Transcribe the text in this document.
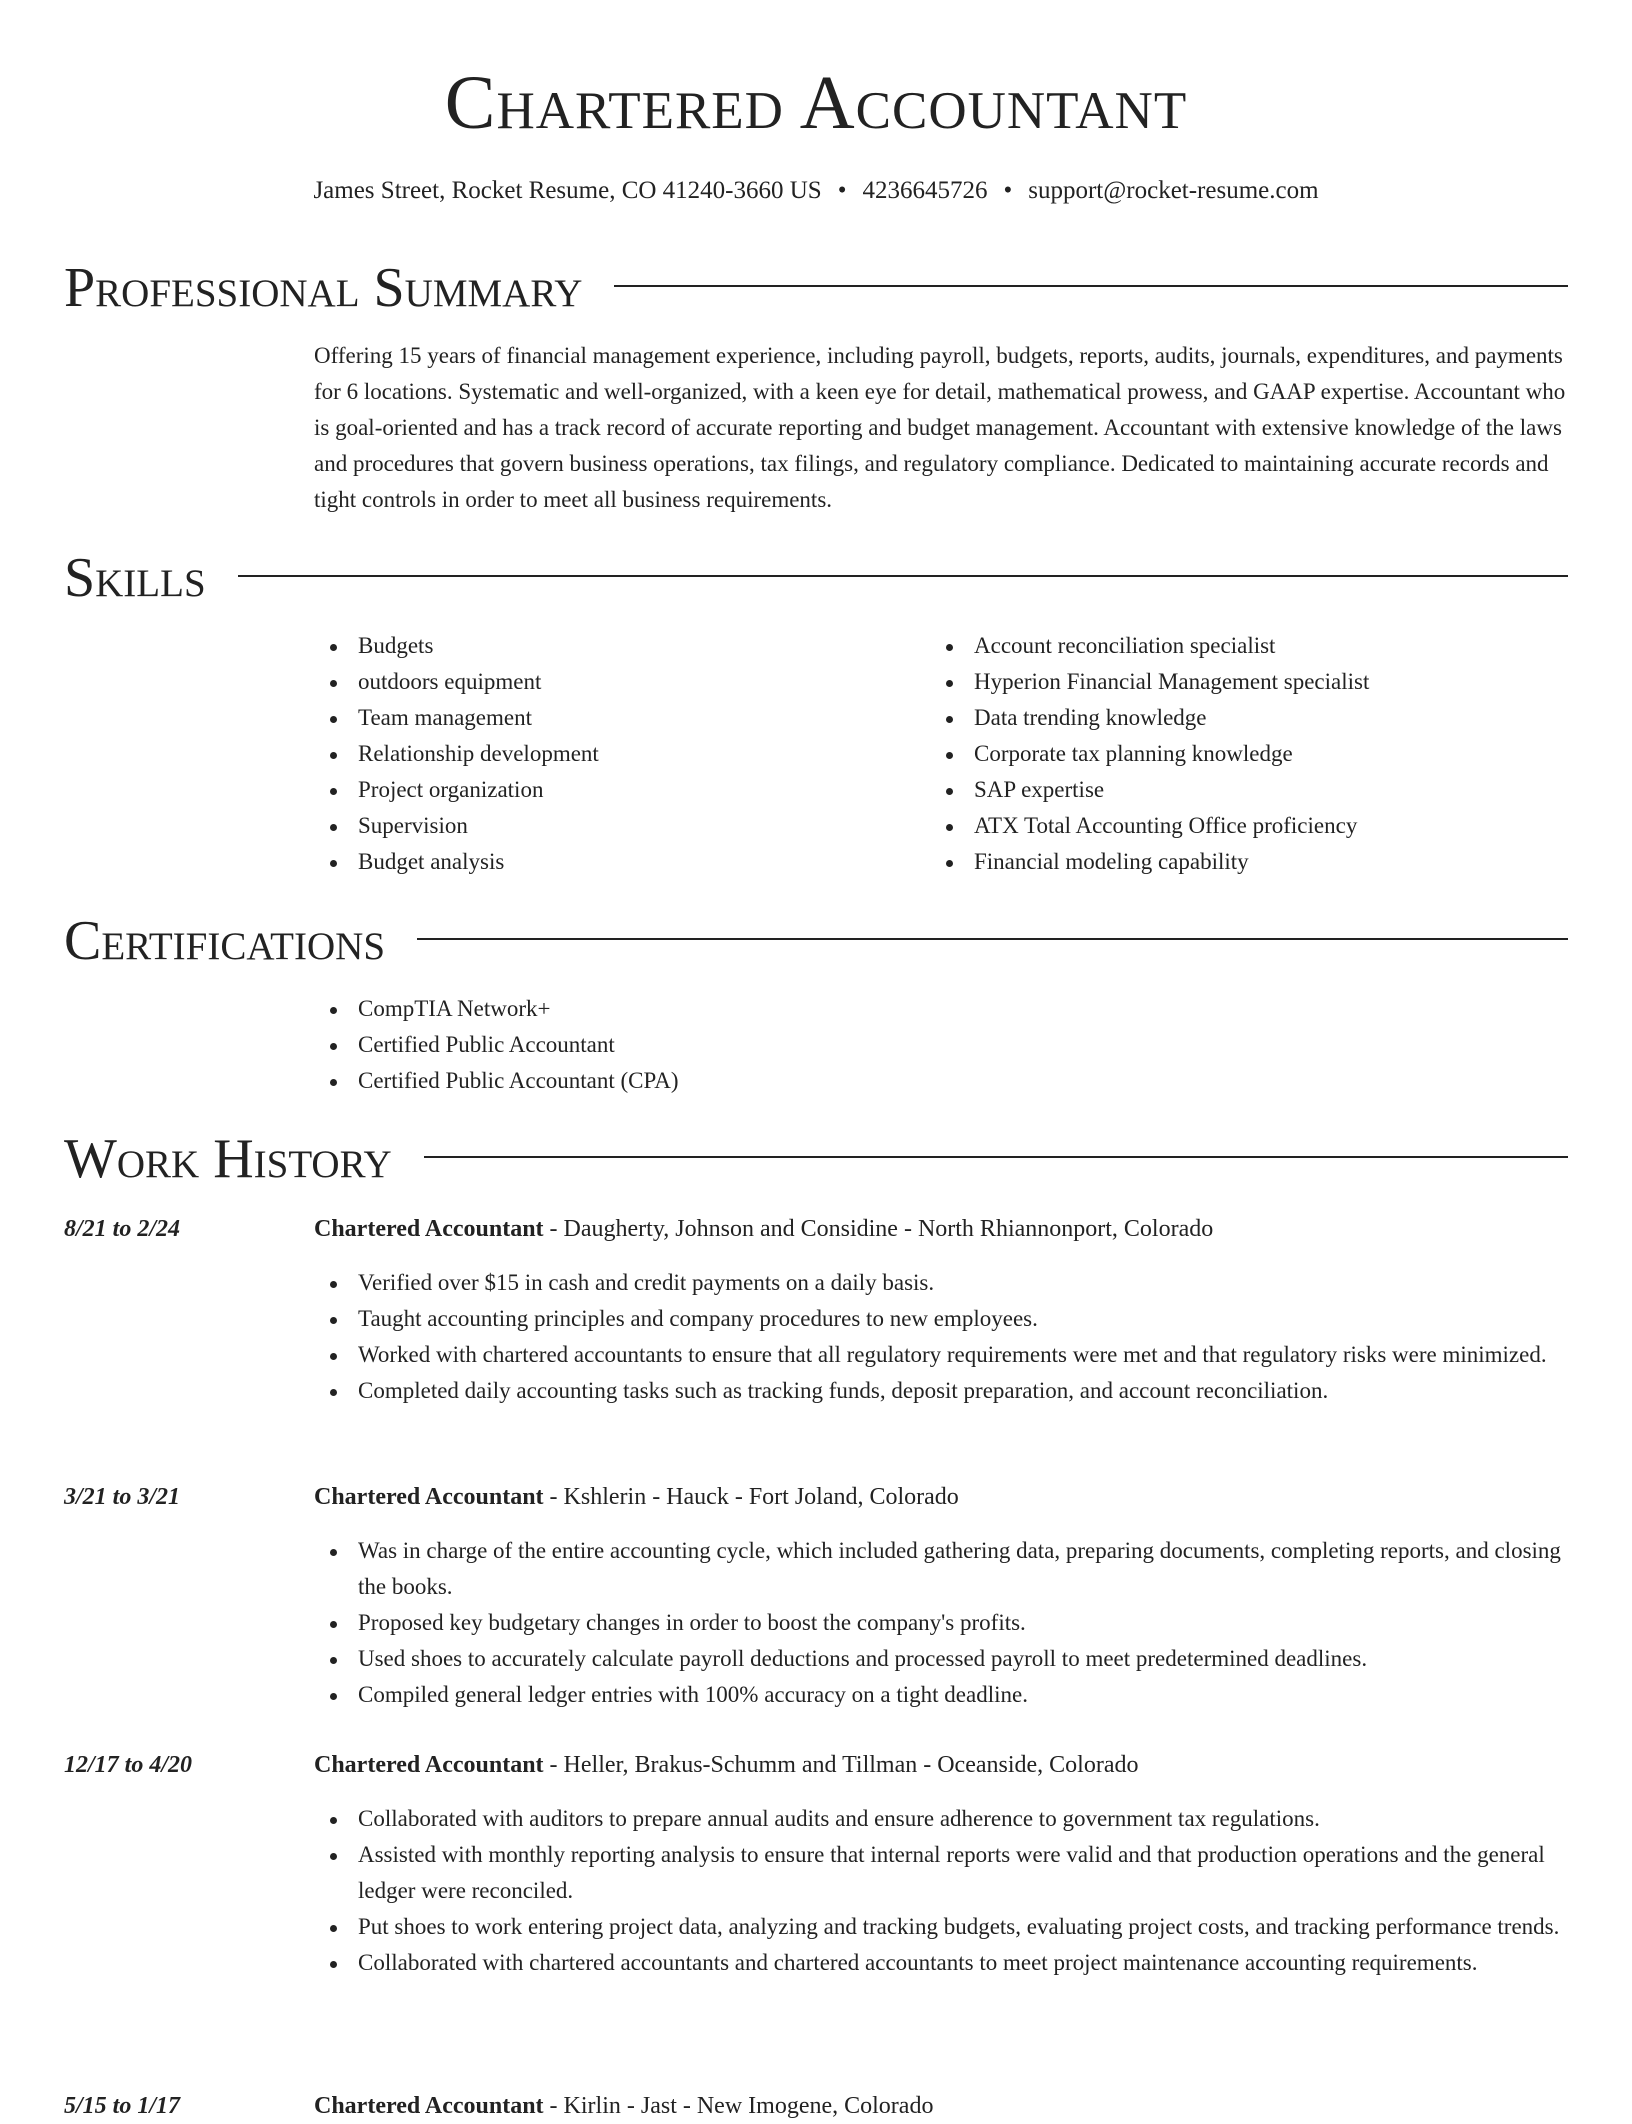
Chartered Accountant
James Street, Rocket Resume, CO 41240-3660 US • 4236645726 • support@rocket-resume.com
Professional Summary

Offering 15 years of financial management experience, including payroll, budgets, reports, audits, journals, expenditures, and payments for 6 locations. Systematic and well-organized, with a keen eye for detail, mathematical prowess, and GAAP expertise. Accountant who is goal-oriented and has a track record of accurate reporting and budget management. Accountant with extensive knowledge of the laws and procedures that govern business operations, tax filings, and regulatory compliance. Dedicated to maintaining accurate records and tight controls in order to meet all business requirements.

Skills
Budgets
outdoors equipment
Team management
Relationship development
Project organization
Supervision
Budget analysis
Account reconciliation specialist
Hyperion Financial Management specialist
Data trending knowledge
Corporate tax planning knowledge
SAP expertise
ATX Total Accounting Office proficiency
Financial modeling capability
Certifications
CompTIA Network+
Certified Public Accountant
Certified Public Accountant (CPA)
Work History
8/21 to 2/24	Chartered Accountant - Daugherty, Johnson and Considine - North Rhiannonport, Colorado
Verified over $15 in cash and credit payments on a daily basis.
Taught accounting principles and company procedures to new employees.
Worked with chartered accountants to ensure that all regulatory requirements were met and that regulatory risks were minimized.
Completed daily accounting tasks such as tracking funds, deposit preparation, and account reconciliation.
3/21 to 3/21	Chartered Accountant - Kshlerin - Hauck - Fort Joland, Colorado
Was in charge of the entire accounting cycle, which included gathering data, preparing documents, completing reports, and closing the books.
Proposed key budgetary changes in order to boost the company's profits.
Used shoes to accurately calculate payroll deductions and processed payroll to meet predetermined deadlines.
Compiled general ledger entries with 100% accuracy on a tight deadline.
12/17 to 4/20	Chartered Accountant - Heller, Brakus-Schumm and Tillman - Oceanside, Colorado
Collaborated with auditors to prepare annual audits and ensure adherence to government tax regulations.
Assisted with monthly reporting analysis to ensure that internal reports were valid and that production operations and the general ledger were reconciled.
Put shoes to work entering project data, analyzing and tracking budgets, evaluating project costs, and tracking performance trends.
Collaborated with chartered accountants and chartered accountants to meet project maintenance accounting requirements.
5/15 to 1/17	Chartered Accountant - Kirlin - Jast - New Imogene, Colorado
